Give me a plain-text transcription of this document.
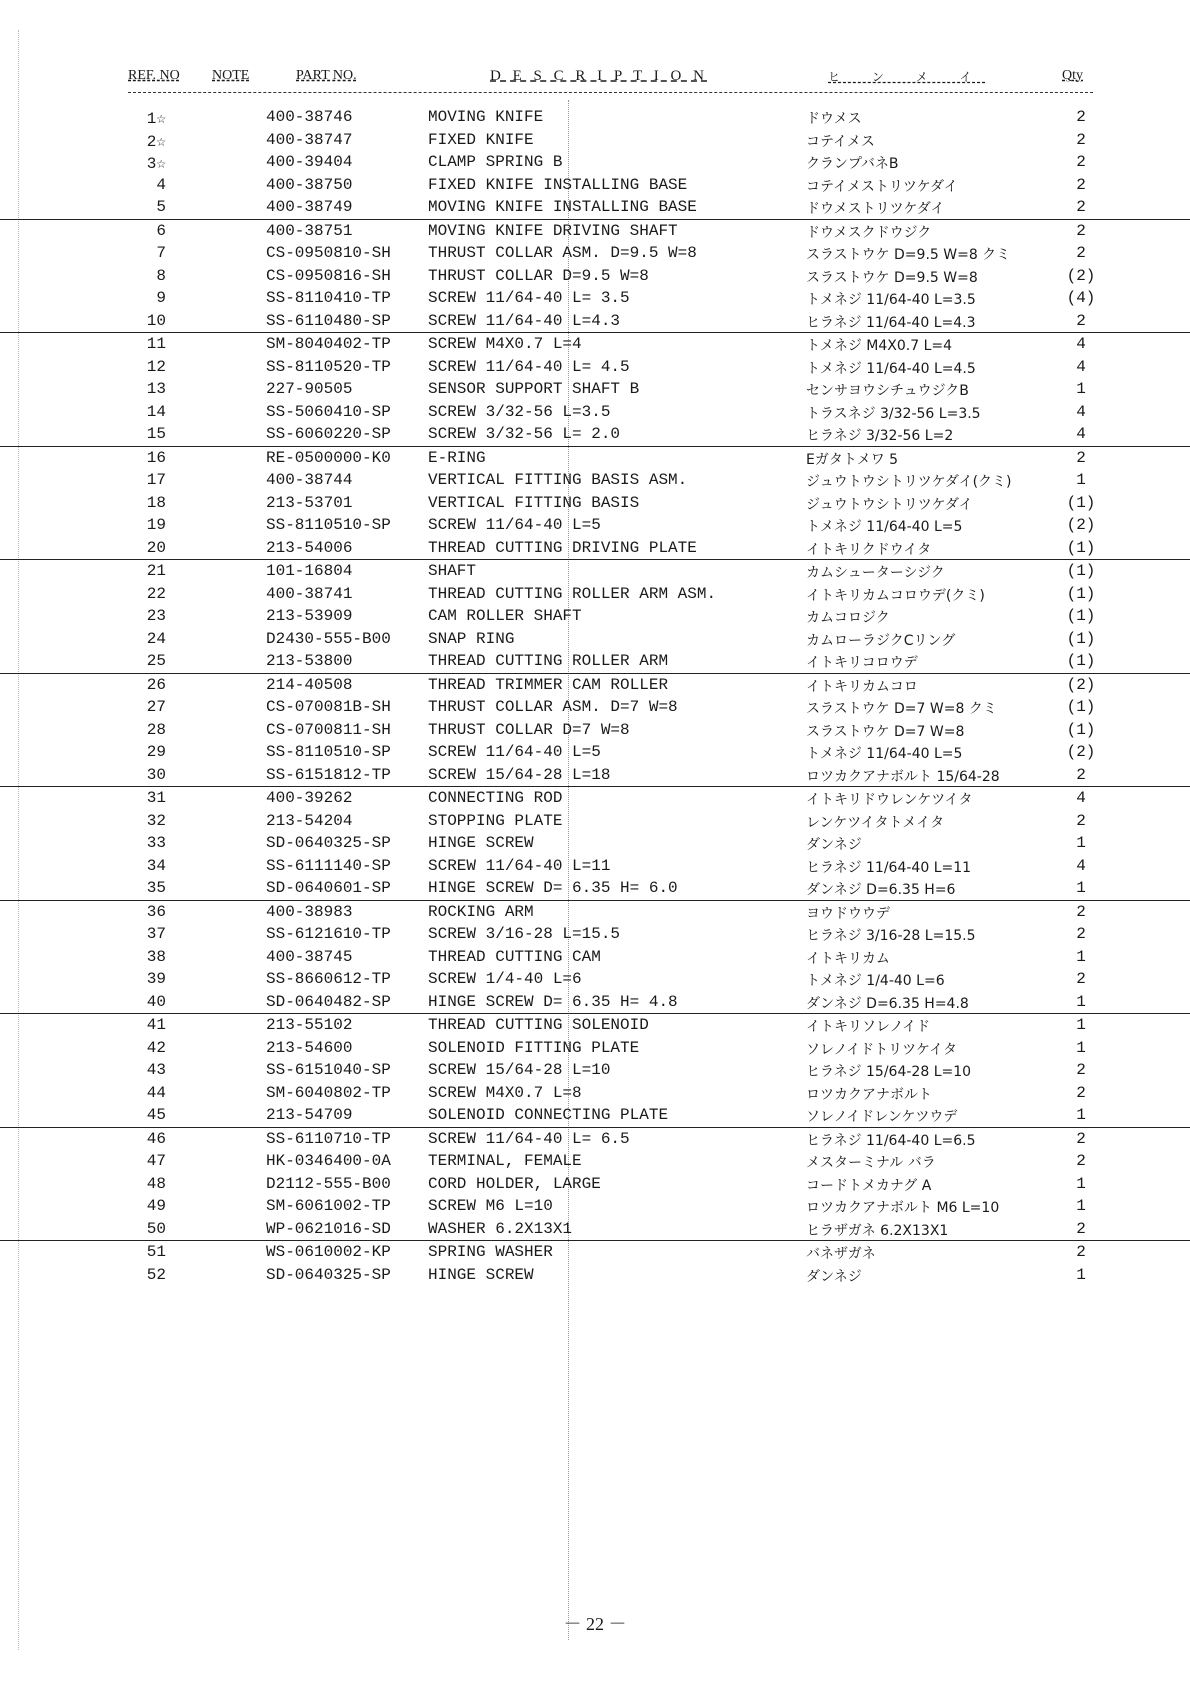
REF. NO NOTE	PART NO.	D E S C R I P T I O N	ヒ ン メ イ	Qty
1☆	400-38746	MOVING KNIFE	ドウメス	2
2☆	400-38747	FIXED KNIFE	コテイメス	2
3☆	400-39404	CLAMP SPRING B	クランプバネB	2
4	400-38750	FIXED KNIFE INSTALLING BASE	コテイメストリツケダイ	2
5	400-38749	MOVING KNIFE INSTALLING BASE	ドウメストリツケダイ	2
6	400-38751	MOVING KNIFE DRIVING SHAFT	ドウメスクドウジク	2
7	CS-0950810-SH THRUST COLLAR ASM. D=9.5 W=8	スラストウケ D=9.5 W=8 クミ	2
8	CS-0950816-SH THRUST COLLAR D=9.5 W=8	スラストウケ D=9.5 W=8	(2)
9	SS-8110410-TP SCREW 11/64-40 L= 3.5	トメネジ 11/64-40 L=3.5	(4)
10	SS-6110480-SP SCREW 11/64-40 L=4.3	ヒラネジ 11/64-40 L=4.3	2
11	SM-8040402-TP SCREW M4X0.7 L=4	トメネジ M4X0.7 L=4	4
12	SS-8110520-TP SCREW 11/64-40 L= 4.5	トメネジ 11/64-40 L=4.5	4
13	227-90505	SENSOR SUPPORT SHAFT B	センサヨウシチュウジクB	1
14	SS-5060410-SP SCREW 3/32-56 L=3.5	トラスネジ 3/32-56 L=3.5	4
15	SS-6060220-SP SCREW 3/32-56 L= 2.0	ヒラネジ 3/32-56 L=2	4
16	RE-0500000-K0 E-RING	Eガタトメワ 5	2
17	400-38744	VERTICAL FITTING BASIS ASM.	ジュウトウシトリツケダイ(クミ)	1
18	213-53701	VERTICAL FITTING BASIS	ジュウトウシトリツケダイ	(1)
19	SS-8110510-SP SCREW 11/64-40 L=5	トメネジ 11/64-40 L=5	(2)
20	213-54006	THREAD CUTTING DRIVING PLATE	イトキリクドウイタ	(1)
21	101-16804	SHAFT	カムシューターシジク	(1)
22	400-38741	THREAD CUTTING ROLLER ARM ASM.	イトキリカムコロウデ(クミ)	(1)
23	213-53909	CAM ROLLER SHAFT	カムコロジク	(1)
24	D2430-555-B00 SNAP RING	カムローラジクCリング	(1)
25	213-53800	THREAD CUTTING ROLLER ARM	イトキリコロウデ	(1)
26	214-40508	THREAD TRIMMER CAM ROLLER	イトキリカムコロ	(2)
27	CS-070081B-SH THRUST COLLAR ASM. D=7 W=8	スラストウケ D=7 W=8 クミ	(1)
28	CS-0700811-SH THRUST COLLAR D=7 W=8	スラストウケ D=7 W=8	(1)
29	SS-8110510-SP SCREW 11/64-40 L=5	トメネジ 11/64-40 L=5	(2)
30	SS-6151812-TP SCREW 15/64-28 L=18	ロツカクアナボルト 15/64-28	2
31	400-39262	CONNECTING ROD	イトキリドウレンケツイタ	4
32	213-54204	STOPPING PLATE	レンケツイタトメイタ	2
33	SD-0640325-SP HINGE SCREW	ダンネジ	1
34	SS-6111140-SP SCREW 11/64-40 L=11	ヒラネジ 11/64-40 L=11	4
35	SD-0640601-SP HINGE SCREW D= 6.35 H= 6.0	ダンネジ D=6.35 H=6	1
36	400-38983	ROCKING ARM	ヨウドウウデ	2
37	SS-6121610-TP SCREW 3/16-28 L=15.5	ヒラネジ 3/16-28 L=15.5	2
38	400-38745	THREAD CUTTING CAM	イトキリカム	1
39	SS-8660612-TP SCREW 1/4-40 L=6	トメネジ 1/4-40 L=6	2
40	SD-0640482-SP HINGE SCREW D= 6.35 H= 4.8	ダンネジ D=6.35 H=4.8	1
41	213-55102	THREAD CUTTING SOLENOID	イトキリソレノイド	1
42	213-54600	SOLENOID FITTING PLATE	ソレノイドトリツケイタ	1
43	SS-6151040-SP SCREW 15/64-28 L=10	ヒラネジ 15/64-28 L=10	2
44	SM-6040802-TP SCREW M4X0.7 L=8	ロツカクアナボルト	2
45	213-54709	SOLENOID CONNECTING PLATE	ソレノイドレンケツウデ	1
46	SS-6110710-TP SCREW 11/64-40 L= 6.5	ヒラネジ 11/64-40 L=6.5	2
47	HK-0346400-0A TERMINAL, FEMALE	メスターミナル バラ	2
48	D2112-555-B00 CORD HOLDER, LARGE	コードトメカナグ A	1
49	SM-6061002-TP SCREW M6 L=10	ロツカクアナボルト M6 L=10	1
50	WP-0621016-SD WASHER 6.2X13X1	ヒラザガネ 6.2X13X1	2
51	WS-0610002-KP SPRING WASHER	バネザガネ	2
52	SD-0640325-SP HINGE SCREW	ダンネジ	1
－ 22 －
